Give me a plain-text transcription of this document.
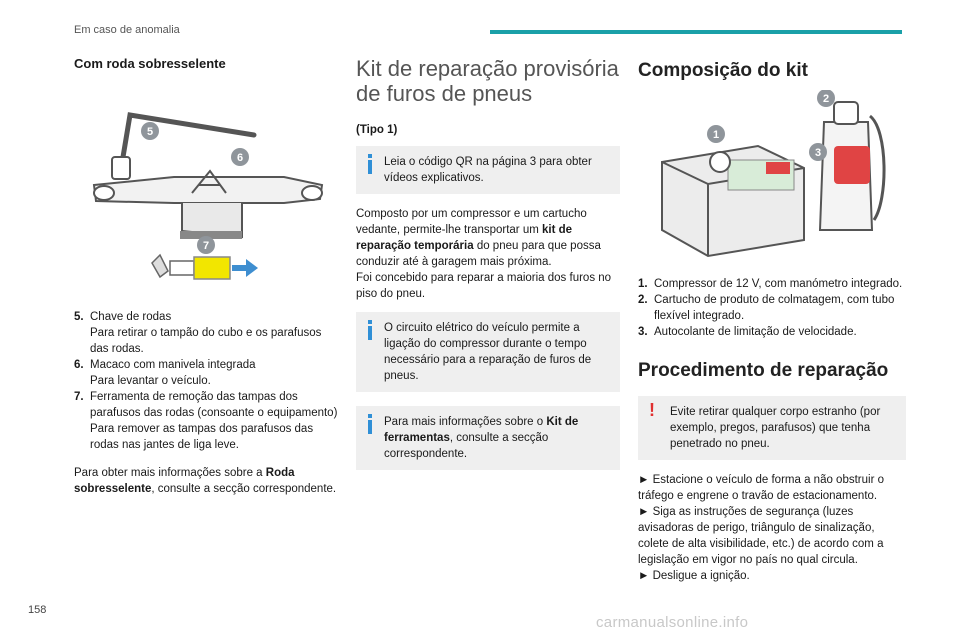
Em caso de anomalia
Com roda sobresselente
5
6
7
5. Chave de rodas
Para retirar o tampão do cubo e os parafusos das rodas.
6. Macaco com manivela integrada
Para levantar o veículo.
7. Ferramenta de remoção das tampas dos parafusos das rodas (consoante o equipamento)
Para remover as tampas dos parafusos das rodas nas jantes de liga leve.

Para obter mais informações sobre a Roda sobresselente, consulte a secção correspondente.

Kit de reparação provisória de furos de pneus

(Tipo 1)

Leia o código QR na página 3 para obter vídeos explicativos.

Composto por um compressor e um cartucho vedante, permite-lhe transportar um kit de reparação temporária do pneu para que possa conduzir até à garagem mais próxima.

Foi concebido para reparar a maioria dos furos no piso do pneu.

O circuito elétrico do veículo permite a ligação do compressor durante o tempo necessário para a reparação de furos de pneus.
Para mais informações sobre o Kit de ferramentas, consulte a secção correspondente.
Composição do kit
1
2
3
1. Compressor de 12 V, com manómetro integrado.
2. Cartucho de produto de colmatagem, com tubo flexível integrado.
3. Autocolante de limitação de velocidade.
Procedimento de reparação
! Evite retirar qualquer corpo estranho (por exemplo, pregos, parafusos) que tenha penetrado no pneu.

► Estacione o veículo de forma a não obstruir o tráfego e engrene o travão de estacionamento.

► Siga as instruções de segurança (luzes avisadoras de perigo, triângulo de sinalização, colete de alta visibilidade, etc.) de acordo com a legislação em vigor no país no qual circula.

► Desligue a ignição.

158
carmanualsonline.info
